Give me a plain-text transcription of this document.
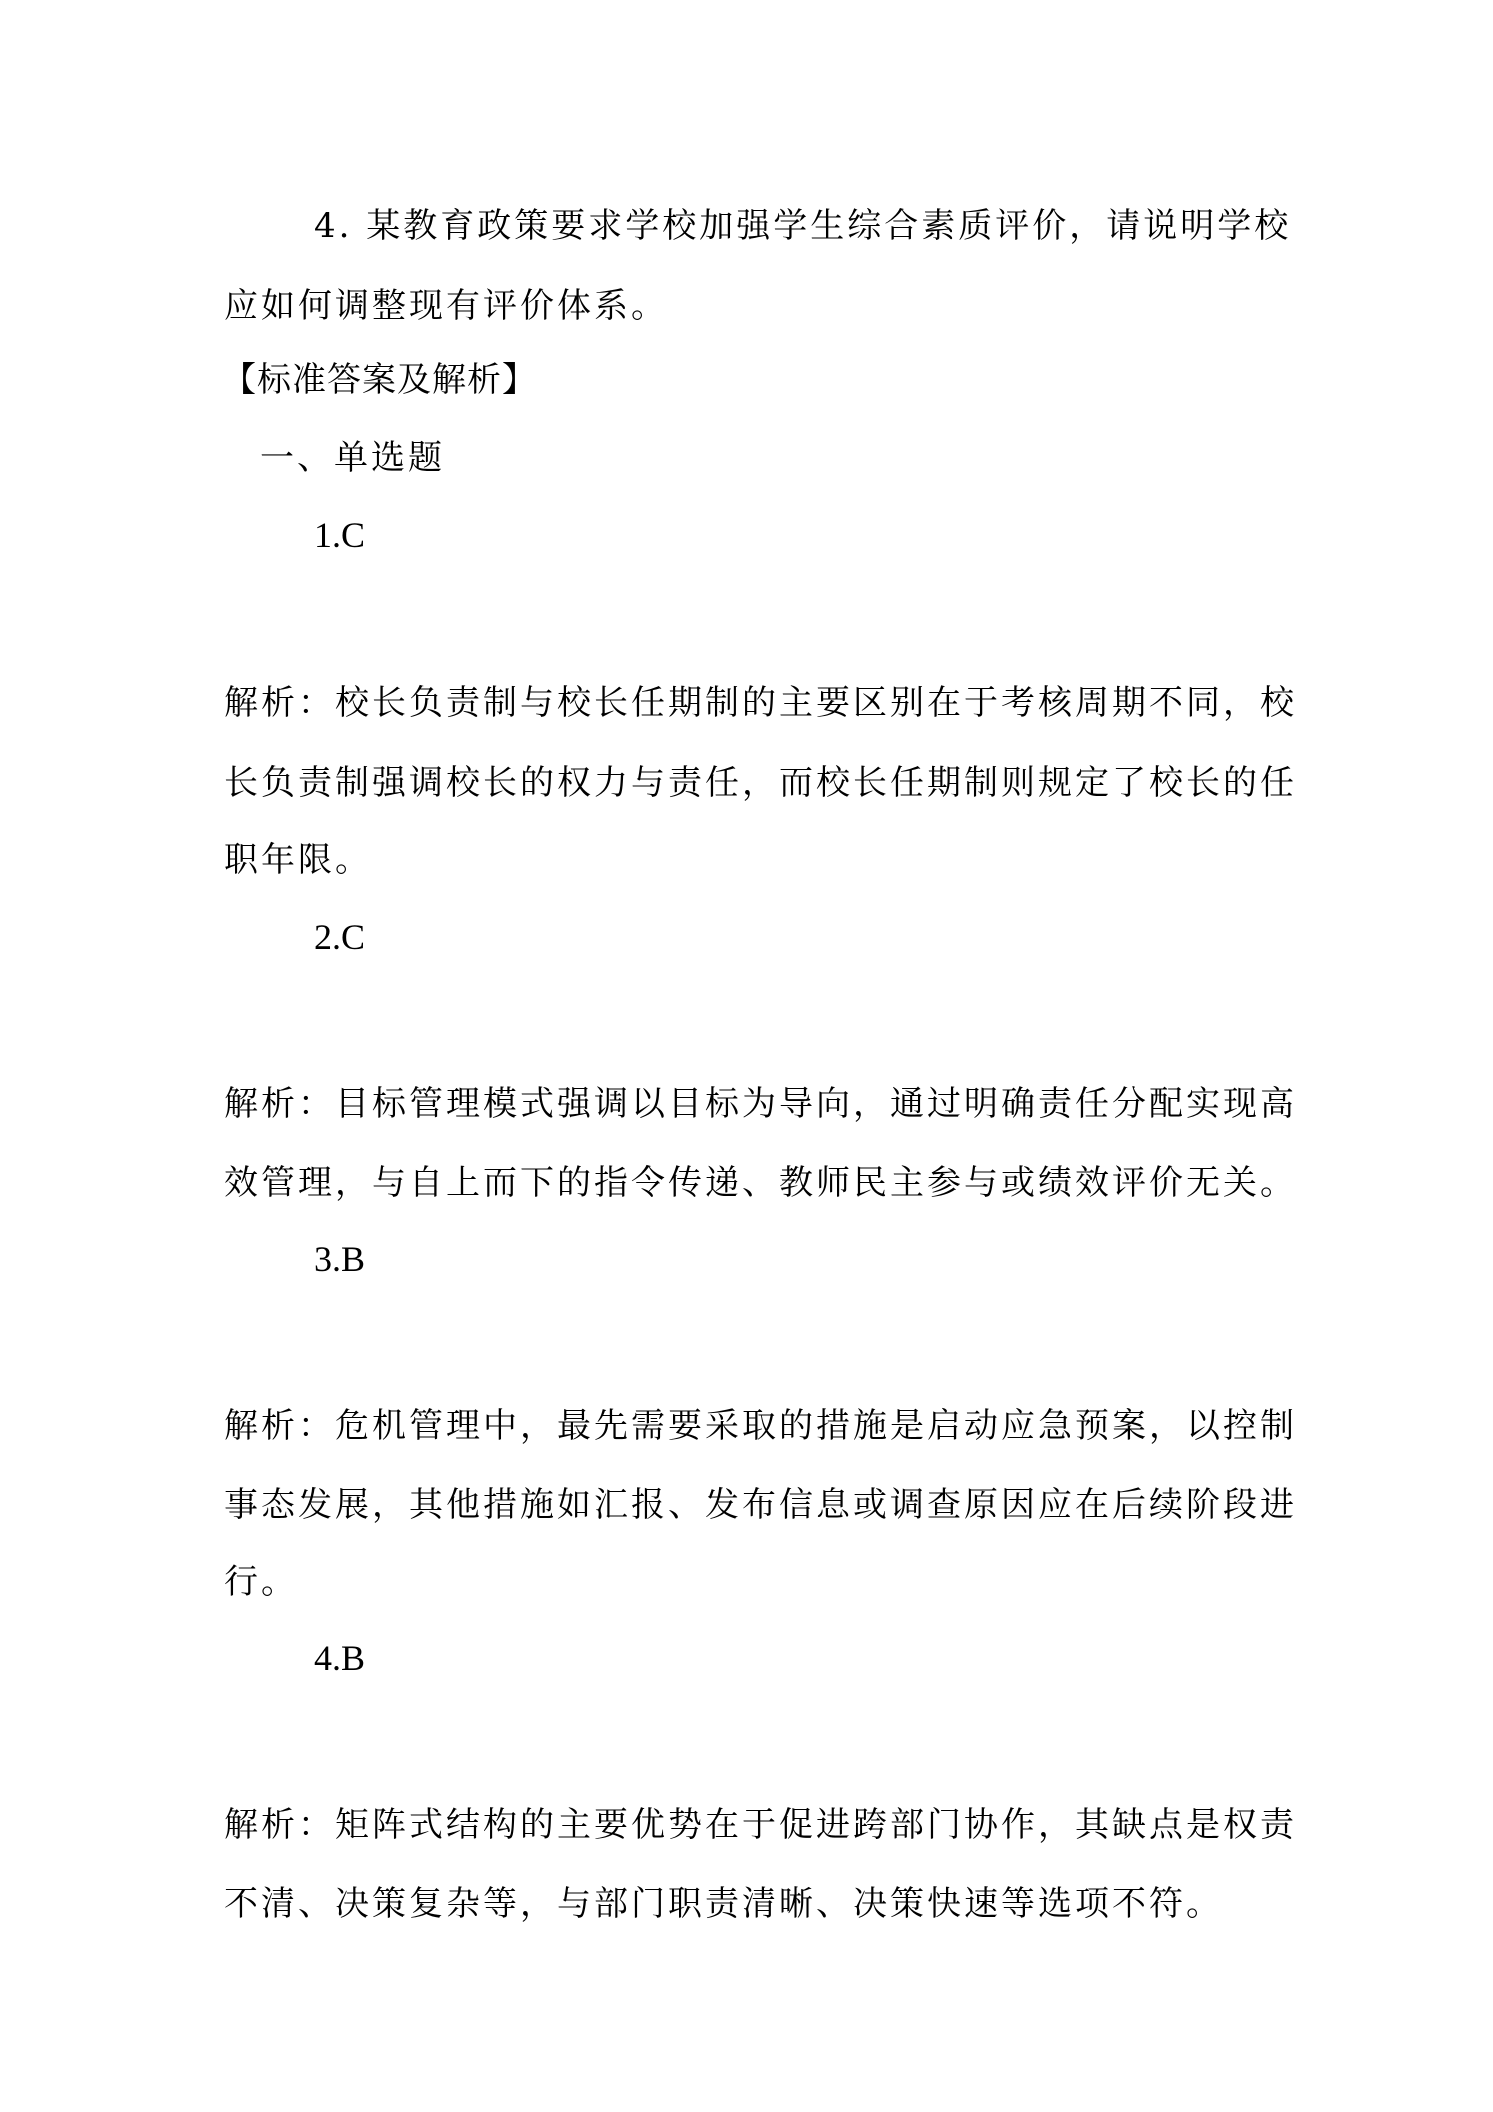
4. 某教育政策要求学校加强学生综合素质评价，请说明学校
应如何调整现有评价体系。
【标准答案及解析】
一、单选题
1.C
解析：校长负责制与校长任期制的主要区别在于考核周期不同，校
长负责制强调校长的权力与责任，而校长任期制则规定了校长的任
职年限。
2.C
解析：目标管理模式强调以目标为导向，通过明确责任分配实现高
效管理，与自上而下的指令传递、教师民主参与或绩效评价无关。
3.B
解析：危机管理中，最先需要采取的措施是启动应急预案，以控制
事态发展，其他措施如汇报、发布信息或调查原因应在后续阶段进
行。
4.B
解析：矩阵式结构的主要优势在于促进跨部门协作，其缺点是权责
不清、决策复杂等，与部门职责清晰、决策快速等选项不符。
